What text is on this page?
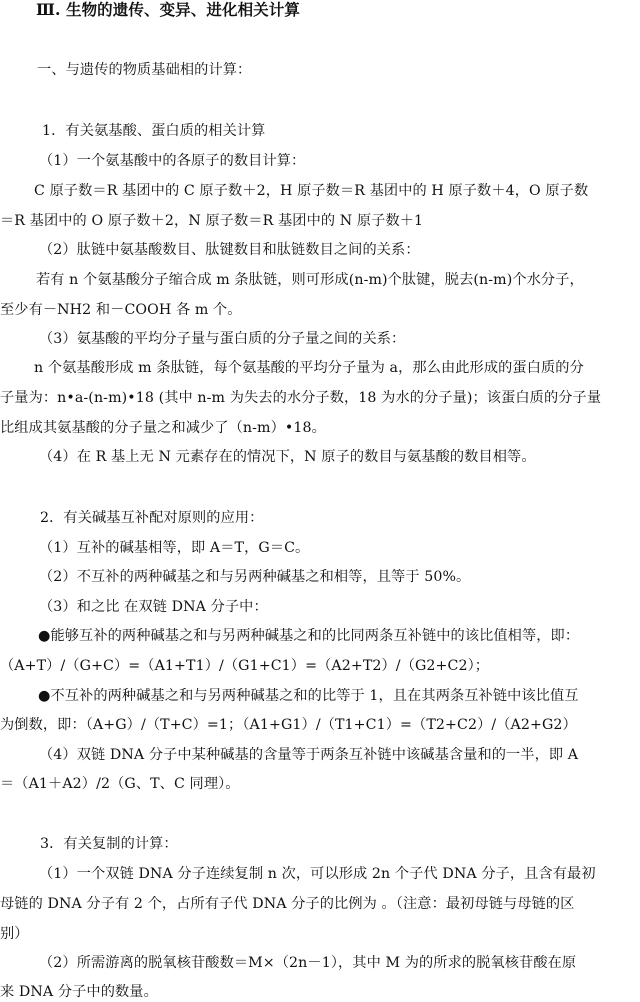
Ⅲ. 生物的遗传、变异、进化相关计算
一、与遗传的物质基础相的计算：
1．有关氨基酸、蛋白质的相关计算
（1）一个氨基酸中的各原子的数目计算：
C 原子数＝R 基团中的 C 原子数＋2，H 原子数＝R 基团中的 H 原子数＋4，O 原子数
＝R 基团中的 O 原子数＋2，N 原子数＝R 基团中的 N 原子数＋1
（2）肽链中氨基酸数目、肽键数目和肽链数目之间的关系：
若有 n 个氨基酸分子缩合成 m 条肽链，则可形成(n-m)个肽键，脱去(n-m)个水分子，
至少有－NH2 和－COOH 各 m 个。
（3）氨基酸的平均分子量与蛋白质的分子量之间的关系：
n 个氨基酸形成 m 条肽链，每个氨基酸的平均分子量为 a，那么由此形成的蛋白质的分
子量为：n•a-(n-m)•18 (其中 n-m 为失去的水分子数，18 为水的分子量)；该蛋白质的分子量
比组成其氨基酸的分子量之和减少了（n-m）•18。
（4）在 R 基上无 N 元素存在的情况下，N 原子的数目与氨基酸的数目相等。
2．有关碱基互补配对原则的应用：
（1）互补的碱基相等，即 A＝T，G＝C。
（2）不互补的两种碱基之和与另两种碱基之和相等，且等于 50%。
（3）和之比 在双链 DNA 分子中：
●能够互补的两种碱基之和与另两种碱基之和的比同两条互补链中的该比值相等，即：
（A+T）/（G+C）=（A1+T1）/（G1+C1）=（A2+T2）/（G2+C2）；
●不互补的两种碱基之和与另两种碱基之和的比等于 1，且在其两条互补链中该比值互
为倒数，即：（A+G）/（T+C）=1；（A1+G1）/（T1+C1）=（T2+C2）/（A2+G2）
（4）双链 DNA 分子中某种碱基的含量等于两条互补链中该碱基含量和的一半，即 A
＝（A1＋A2）/2（G、T、C 同理）。
3．有关复制的计算：
（1）一个双链 DNA 分子连续复制 n 次，可以形成 2n 个子代 DNA 分子，且含有最初
母链的 DNA 分子有 2 个，占所有子代 DNA 分子的比例为 。（注意：最初母链与母链的区
别）
（2）所需游离的脱氧核苷酸数＝M×（2n－1），其中 M 为的所求的脱氧核苷酸在原
来 DNA 分子中的数量。
